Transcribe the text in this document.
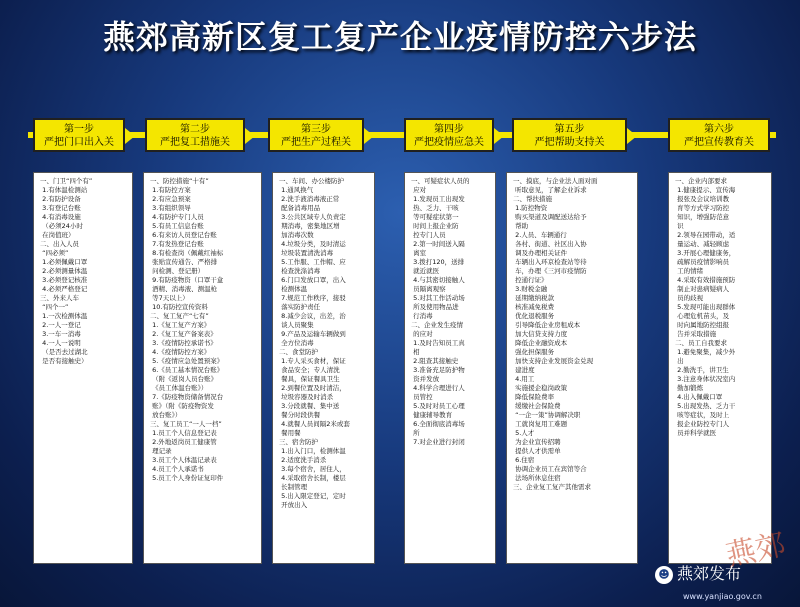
燕郊高新区复工复产企业疫情防控六步法
第一步
严把门口出入关
第二步
严把复工措施关
第三步
严把生产过程关
第四步
严把疫情应急关
第五步
严把帮助支持关
第六步
严把宣传教育关
一、门卫“四个有”
1.有体温检测站
2.有防护设备
3.有登记台账
4.有消毒设施
（必须24小时
在岗值班）
二、出入人员
“四必须”
1.必须佩戴口罩
2.必须测量体温
3.必须登记核准
4.必须严格登记
三、外来人车
“四个一”
1.一次检测体温
2.一人一登记
3.一车一消毒
4.一人一说明
（是否去过湖北
是否有接触史）
一、防控措施“十有”
1.有防控方案
2.有应急预案
3.有组织领导
4.有防护专门人员
5.有员工信息台账
6.有来访人员登记台账
7.有发热登记台账
8.有检查岗（佩戴红袖标
张贴宣传通告、严格排
问检测、登记册）
9.有防疫物资（口罩干盒
酒精、消毒液、测温枪
等7天以上）
10.有防控宣传资料
二、复工复产“七有”
1.《复工复产方案》
2.《复工复产备案表》
3.《疫情防控承诺书》
4.《疫情防控方案》
5.《疫情应急处置预案》
6.《员工基本情况台账》
（附《返岗人员台账》
《员工体温台账》）
7.《防疫物资储备情况台
账》（附《防疫物资发
放台账》）
三、复工员工“一人一档”
1.员工个人信息登记表
2.外地返岗员工健康管
理记录
3.员工个人体温记录表
4.员工个人承诺书
5.员工个人身份证复印件
一、车间、办公楼防护
1.通风换气
2.洗手液消毒液正常
配备消毒用品
3.公共区域专人负责定
期消毒，密集地区增
加消毒次数
4.垃圾分类，及时清运
垃圾装置清洗消毒
5.工作服、工作帽、应
检查洗涤消毒
6.门口发放口罩，出入
检测体温
7.规范工作秩序，接驳
落实防护责任
8.减少会议，出差，治
谈人员聚集
9.产品及运输车辆做到
全方位消毒
二、食堂防护
1.专人采买食材，保证
食品安全；专人清洗
餐具，保证餐具卫生
2.到餐位置及时清洁，
垃圾容器及时消杀
3.分段就餐、集中送
餐分时段供餐
4.就餐人员间隔2米或套
餐用餐
三、宿舍防护
1.出入门口，检测体温
2.适度洗手消杀
3.每个宿舍，居住人，
4.采取宿舍长制，楼层
长制管理
5.出入限定登记，定时
开放出入
一、可疑症状人员的
应对
1.发现员工出现发
热、乏力、干咳
等可疑症状第一
时间上报企业防
控专门人员
2.第一时间送入隔
离室
3.拨打120，送排
就近就医
4.与其密切接触人
员隔离观察
5.对其工作活动场
所及使用物品进
行消毒
二、企业发生疫情
的应对
1.及时告知员工真
相
2.阻查其接触史
3.准备充足防护物
资并发放
4.科学合理进行人
员管控
5.及时对员工心理
健康辅导教育
6.全面彻底消毒场
所
7.对企业进行封闭
一、摸底，与企业法人面对面
听取意见，了解企业诉求
二、帮扶措施
1.防控物资
购买渠道及调配送达给予
帮助
2.人员、车辆通行
各村、街道、社区出入协
调及办理相关证件
车辆出入环京检查站等待
车，办理《三河市疫情防
控通行证》
3.财税金融
延期缴纳税款
核准减免税费
优化退税服务
引导降低企业房租成本
加大信贷支持力度
降低企业融资成本
强化担保服务
加快支持企业发展资金兑现
建进度
4.用工
实施援企稳岗政策
降低保险费率
缓缴社会保险费
“一企一策”协调解决职
工就岗复用工难题
5.人才
为企业宣传招聘
提供人才供需单
6.住宿
协调企业员工在宾馆等合
法场所休息住宿
三、企业复工复产其他需求
一、企业内部要求
1.健康提示、宣传海
报张及会议培训教
育等方式学习防控
知识，增强防范意
识
2.领导在园带动，适
量运动、减轻顾虑
3.开展心理健康务，
疏解员疫情影响员
工的情绪
4.采取有效措施预防
制止对患病疑病人
员的歧视
5.发现可能出现群体
心理危机苗头，及
时向属地防控组报
告并采取措施
二、员工自我要求
1.避免聚集，减少外
出
2.勤洗手，讲卫生
3.注意身体状况室内
勤加锻炼
4.出入佩戴口罩
5.出现发热、乏力干
咳等症状，及时上
报企业防控专门人
员并科学就医
燕郊
☻ 燕郊发布
www.yanjiao.gov.cn
